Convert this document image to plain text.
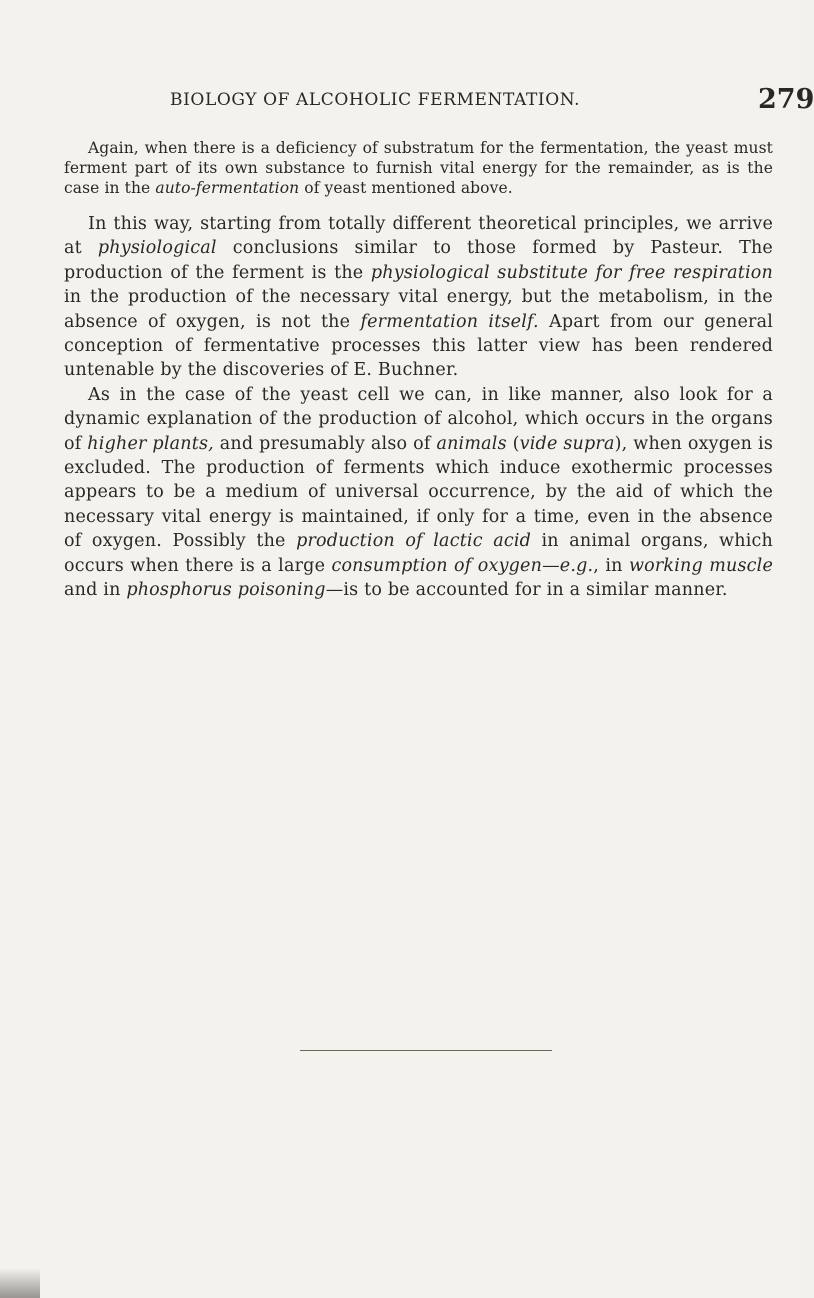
BIOLOGY OF ALCOHOLIC FERMENTATION.	279

Again, when there is a deficiency of substratum for the fermentation, the yeast must ferment part of its own substance to furnish vital energy for the remainder, as is the case in the auto-fermentation of yeast mentioned above.

In this way, starting from totally different theoretical principles, we arrive at physiological conclusions similar to those formed by Pasteur. The production of the ferment is the physiological substitute for free respiration in the production of the necessary vital energy, but the metabolism, in the absence of oxygen, is not the fermentation itself. Apart from our general conception of fermentative processes this latter view has been rendered untenable by the discoveries of E. Buchner.

As in the case of the yeast cell we can, in like manner, also look for a dynamic explanation of the production of alcohol, which occurs in the organs of higher plants, and presumably also of animals (vide supra), when oxygen is excluded. The production of ferments which induce exothermic processes appears to be a medium of universal occurrence, by the aid of which the necessary vital energy is maintained, if only for a time, even in the absence of oxygen. Possibly the production of lactic acid in animal organs, which occurs when there is a large consumption of oxygen—e.g., in working muscle and in phosphorus poisoning—is to be accounted for in a similar manner.
